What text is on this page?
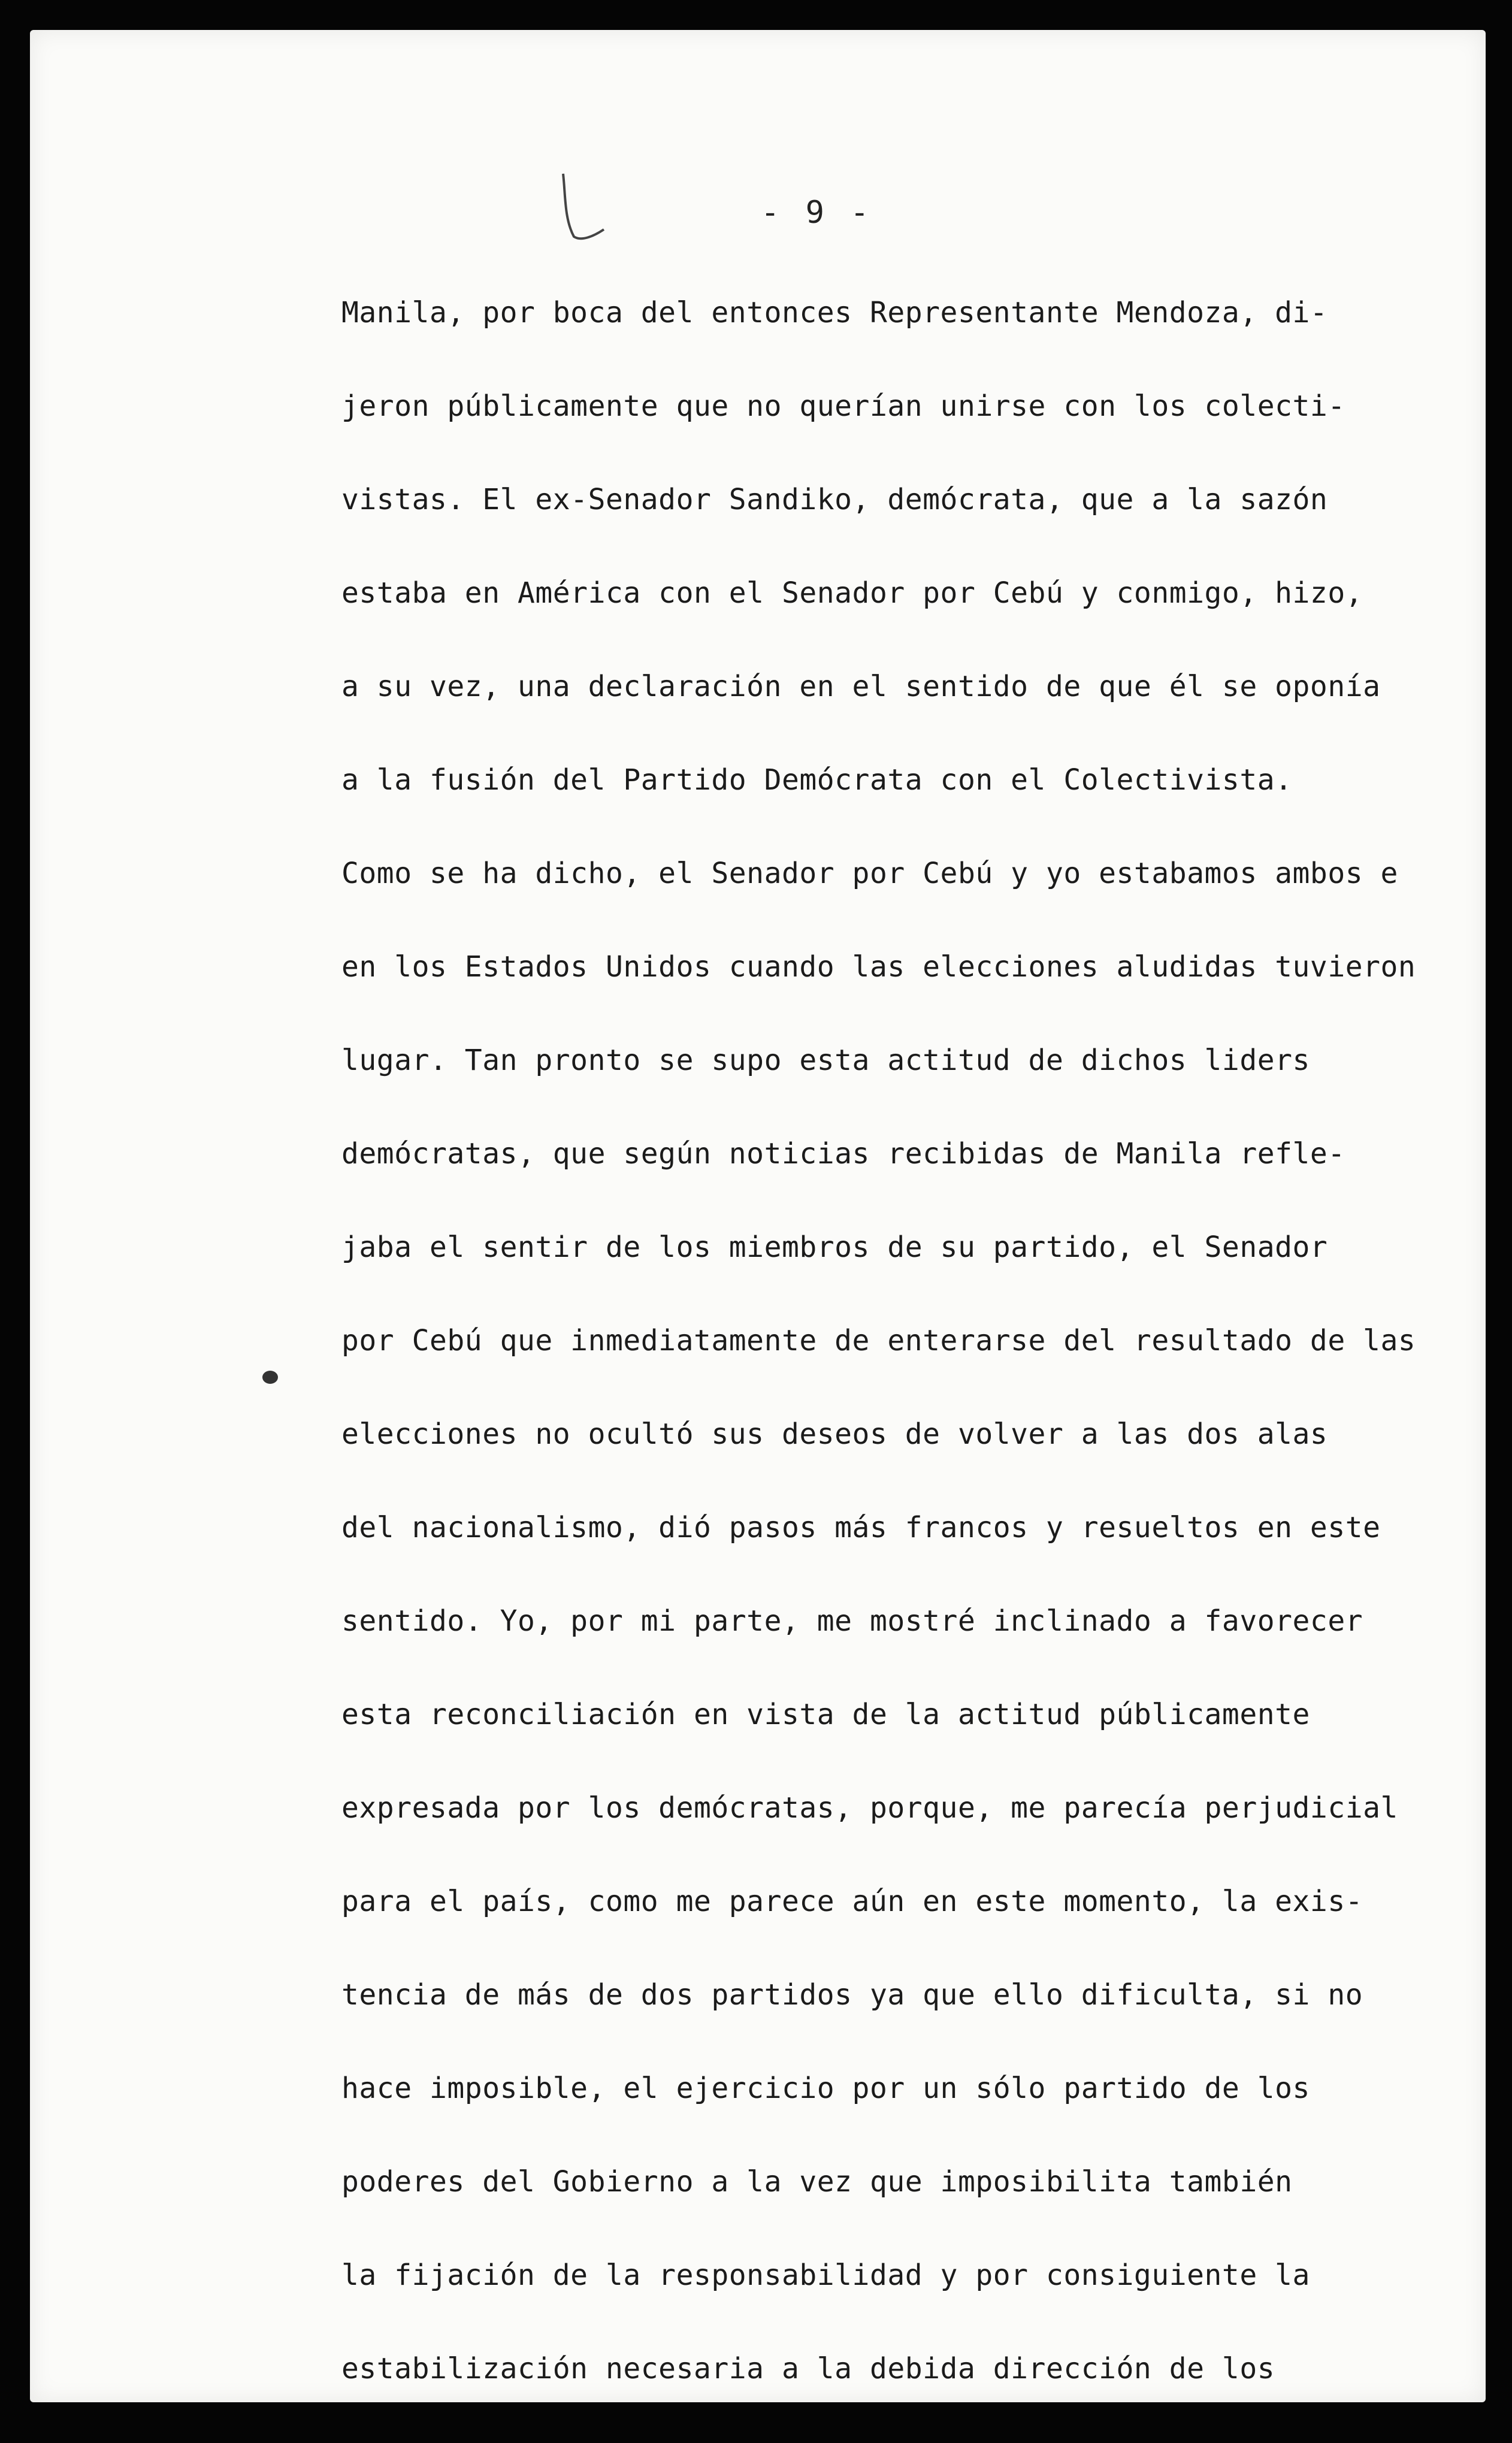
- 9 -
Manila, por boca del entonces Representante Mendoza, di-
jeron públicamente que no querían unirse con los colecti-
vistas. El ex-Senador Sandiko, demócrata, que a la sazón
estaba en América con el Senador por Cebú y conmigo, hizo,
a su vez, una declaración en el sentido de que él se oponía
a la fusión del Partido Demócrata con el Colectivista.
Como se ha dicho, el Senador por Cebú y yo estabamos ambos e
en los Estados Unidos cuando las elecciones aludidas tuvieron
lugar. Tan pronto se supo esta actitud de dichos liders
demócratas, que según noticias recibidas de Manila refle-
jaba el sentir de los miembros de su partido, el Senador
por Cebú que inmediatamente de enterarse del resultado de las
elecciones no ocultó sus deseos de volver a las dos alas
del nacionalismo, dió pasos más francos y resueltos en este
sentido. Yo, por mi parte, me mostré inclinado a favorecer
esta reconciliación en vista de la actitud públicamente
expresada por los demócratas, porque, me parecía perjudicial
para el país, como me parece aún en este momento, la exis-
tencia de más de dos partidos ya que ello dificulta, si no
hace imposible, el ejercicio por un sólo partido de los
poderes del Gobierno a la vez que imposibilita también
la fijación de la responsabilidad y por consiguiente la
estabilización necesaria a la debida dirección de los
